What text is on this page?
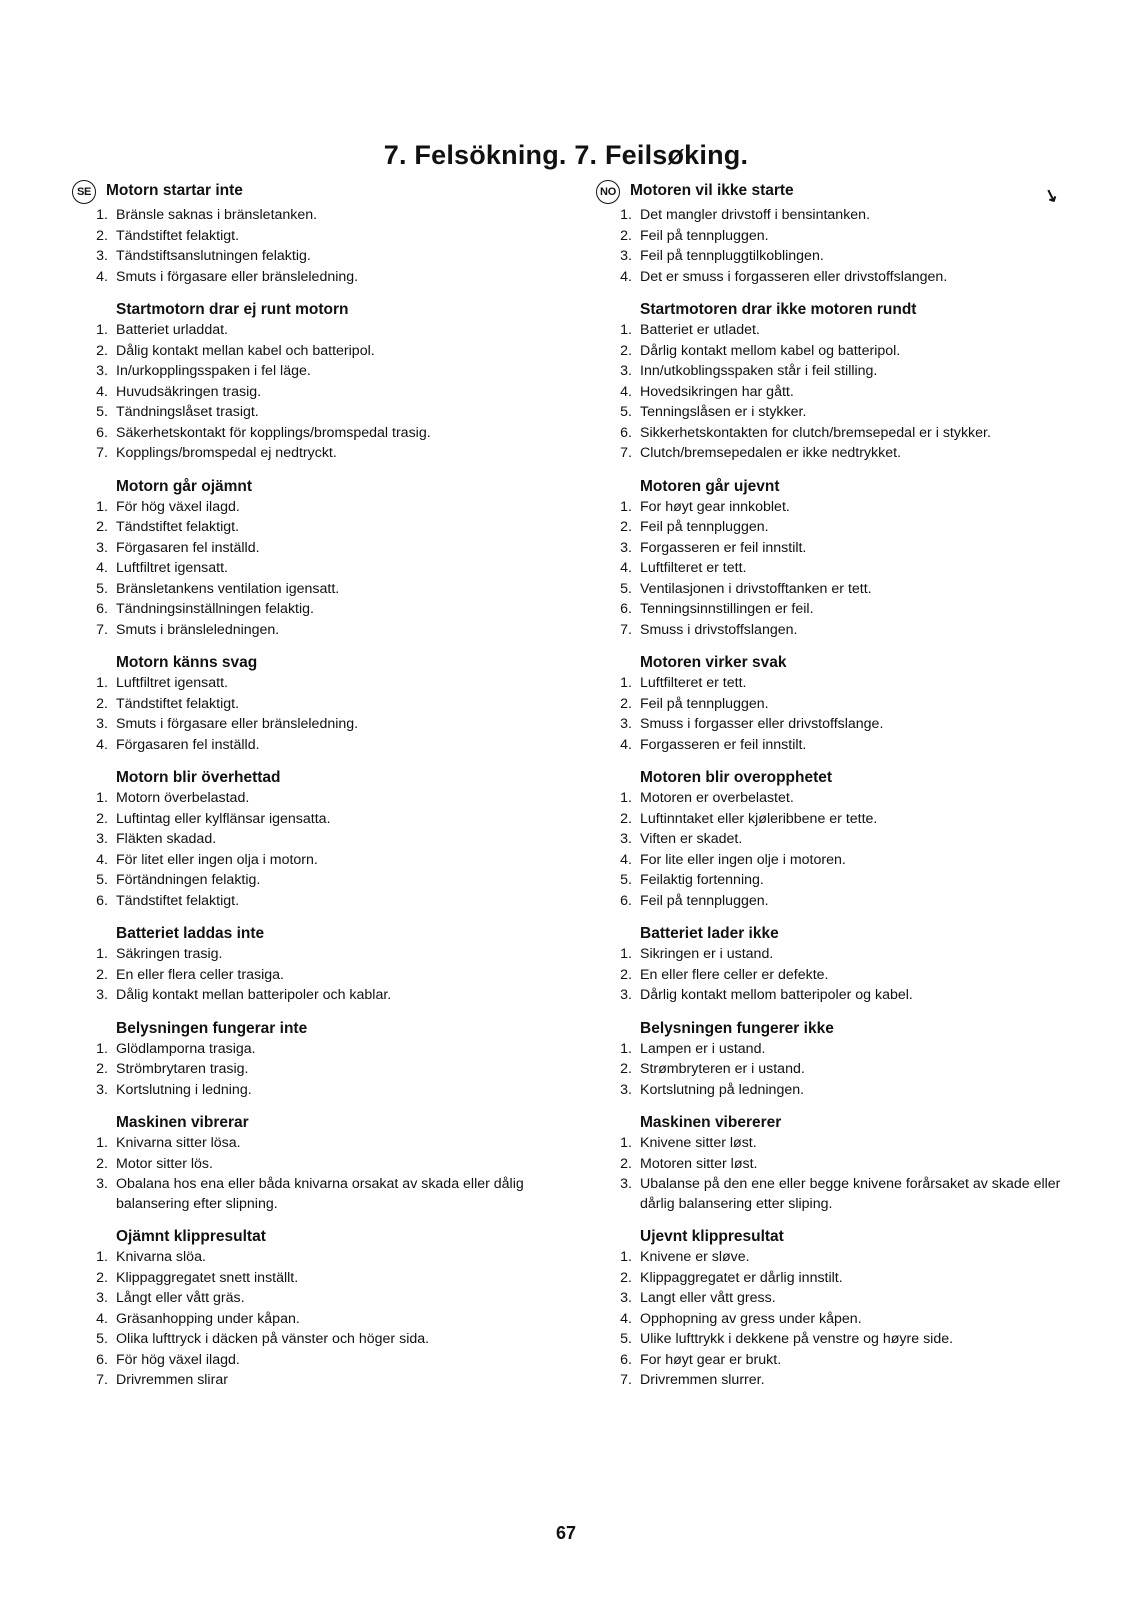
7. Felsökning. 7. Feilsøking.
↘
SE Motorn startar inte
1. Bränsle saknas i bränsletanken.
2. Tändstiftet felaktigt.
3. Tändstiftsanslutningen felaktig.
4. Smuts i förgasare eller bränsleledning.
Startmotorn drar ej runt motorn
1. Batteriet urladdat.
2. Dålig kontakt mellan kabel och batteripol.
3. In/urkopplingsspaken i fel läge.
4. Huvudsäkringen trasig.
5. Tändningslåset trasigt.
6. Säkerhetskontakt för kopplings/bromspedal trasig.
7. Kopplings/bromspedal ej nedtryckt.
Motorn går ojämnt
1. För hög växel ilagd.
2. Tändstiftet felaktigt.
3. Förgasaren fel inställd.
4. Luftfiltret igensatt.
5. Bränsletankens ventilation igensatt.
6. Tändningsinställningen felaktig.
7. Smuts i bränsleledningen.
Motorn känns svag
1. Luftfiltret igensatt.
2. Tändstiftet felaktigt.
3. Smuts i förgasare eller bränsleledning.
4. Förgasaren fel inställd.
Motorn blir överhettad
1. Motorn överbelastad.
2. Luftintag eller kylflänsar igensatta.
3. Fläkten skadad.
4. För litet eller ingen olja i motorn.
5. Förtändningen felaktig.
6. Tändstiftet felaktigt.
Batteriet laddas inte
1. Säkringen trasig.
2. En eller flera celler trasiga.
3. Dålig kontakt mellan batteripoler och kablar.
Belysningen fungerar inte
1. Glödlamporna trasiga.
2. Strömbrytaren trasig.
3. Kortslutning i ledning.
Maskinen vibrerar
1. Knivarna sitter lösa.
2. Motor sitter lös.
3. Obalana hos ena eller båda knivarna orsakat av skada eller dålig balansering efter slipning.
Ojämnt klippresultat
1. Knivarna slöa.
2. Klippaggregatet snett inställt.
3. Långt eller vått gräs.
4. Gräsanhopping under kåpan.
5. Olika lufttryck i däcken på vänster och höger sida.
6. För hög växel ilagd.
7. Drivremmen slirar
NO Motoren vil ikke starte
1. Det mangler drivstoff i bensintanken.
2. Feil på tennpluggen.
3. Feil på tennpluggtilkoblingen.
4. Det er smuss i forgasseren eller drivstoffslangen.
Startmotoren drar ikke motoren rundt
1. Batteriet er utladet.
2. Dårlig kontakt mellom kabel og batteripol.
3. Inn/utkoblingsspaken står i feil stilling.
4. Hovedsikringen har gått.
5. Tenningslåsen er i stykker.
6. Sikkerhetskontakten for clutch/bremsepedal er i stykker.
7. Clutch/bremsepedalen er ikke nedtrykket.
Motoren går ujevnt
1. For høyt gear innkoblet.
2. Feil på tennpluggen.
3. Forgasseren er feil innstilt.
4. Luftfilteret er tett.
5. Ventilasjonen i drivstofftanken er tett.
6. Tenningsinnstillingen er feil.
7. Smuss i drivstoffslangen.
Motoren virker svak
1. Luftfilteret er tett.
2. Feil på tennpluggen.
3. Smuss i forgasser eller drivstoffslange.
4. Forgasseren er feil innstilt.
Motoren blir overopphetet
1. Motoren er overbelastet.
2. Luftinntaket eller kjøleribbene er tette.
3. Viften er skadet.
4. For lite eller ingen olje i motoren.
5. Feilaktig fortenning.
6. Feil på tennpluggen.
Batteriet lader ikke
1. Sikringen er i ustand.
2. En eller flere celler er defekte.
3. Dårlig kontakt mellom batteripoler og kabel.
Belysningen fungerer ikke
1. Lampen er i ustand.
2. Strømbryteren er i ustand.
3. Kortslutning på ledningen.
Maskinen vibererer
1. Knivene sitter løst.
2. Motoren sitter løst.
3. Ubalanse på den ene eller begge knivene forårsaket av skade eller dårlig balansering etter sliping.
Ujevnt klippresultat
1. Knivene er sløve.
2. Klippaggregatet er dårlig innstilt.
3. Langt eller vått gress.
4. Opphopning av gress under kåpen.
5. Ulike lufttrykk i dekkene på venstre og høyre side.
6. For høyt gear er brukt.
7. Drivremmen slurrer.
67
